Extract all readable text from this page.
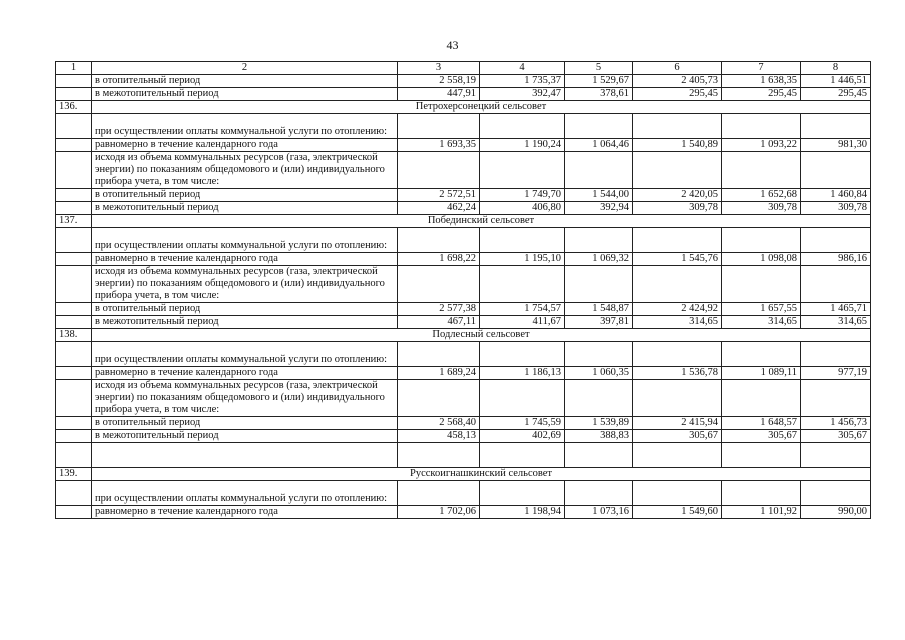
43
1	2	3	4	5	6	7	8
	в отопительный период	2 558,19	1 735,37	1 529,67	2 405,73	1 638,35	1 446,51
	в межотопительный период	447,91	392,47	378,61	295,45	295,45	295,45
136.	Петрохерсонецкий сельсовет						
	при осуществлении оплаты коммунальной услуги по отоплению:						
	равномерно в течение календарного года	1 693,35	1 190,24	1 064,46	1 540,89	1 093,22	981,30
	исходя из объема коммунальных ресурсов (газа, электрической энергии) по показаниям общедомового и (или) индивидуального прибора учета, в том числе:						
	в отопительный период	2 572,51	1 749,70	1 544,00	2 420,05	1 652,68	1 460,84
	в межотопительный период	462,24	406,80	392,94	309,78	309,78	309,78
137.	Побединский сельсовет						
	при осуществлении оплаты коммунальной услуги по отоплению:						
	равномерно в течение календарного года	1 698,22	1 195,10	1 069,32	1 545,76	1 098,08	986,16
	исходя из объема коммунальных ресурсов (газа, электрической энергии) по показаниям общедомового и (или) индивидуального прибора учета, в том числе:						
	в отопительный период	2 577,38	1 754,57	1 548,87	2 424,92	1 657,55	1 465,71
	в межотопительный период	467,11	411,67	397,81	314,65	314,65	314,65
138.	Подлесный сельсовет						
	при осуществлении оплаты коммунальной услуги по отоплению:						
	равномерно в течение календарного года	1 689,24	1 186,13	1 060,35	1 536,78	1 089,11	977,19
	исходя из объема коммунальных ресурсов (газа, электрической энергии) по показаниям общедомового и (или) индивидуального прибора учета, в том числе:						
	в отопительный период	2 568,40	1 745,59	1 539,89	2 415,94	1 648,57	1 456,73
	в межотопительный период	458,13	402,69	388,83	305,67	305,67	305,67

139.	Русскоигнашкинский сельсовет						
	при осуществлении оплаты коммунальной услуги по отоплению:						
	равномерно в течение календарного года	1 702,06	1 198,94	1 073,16	1 549,60	1 101,92	990,00
